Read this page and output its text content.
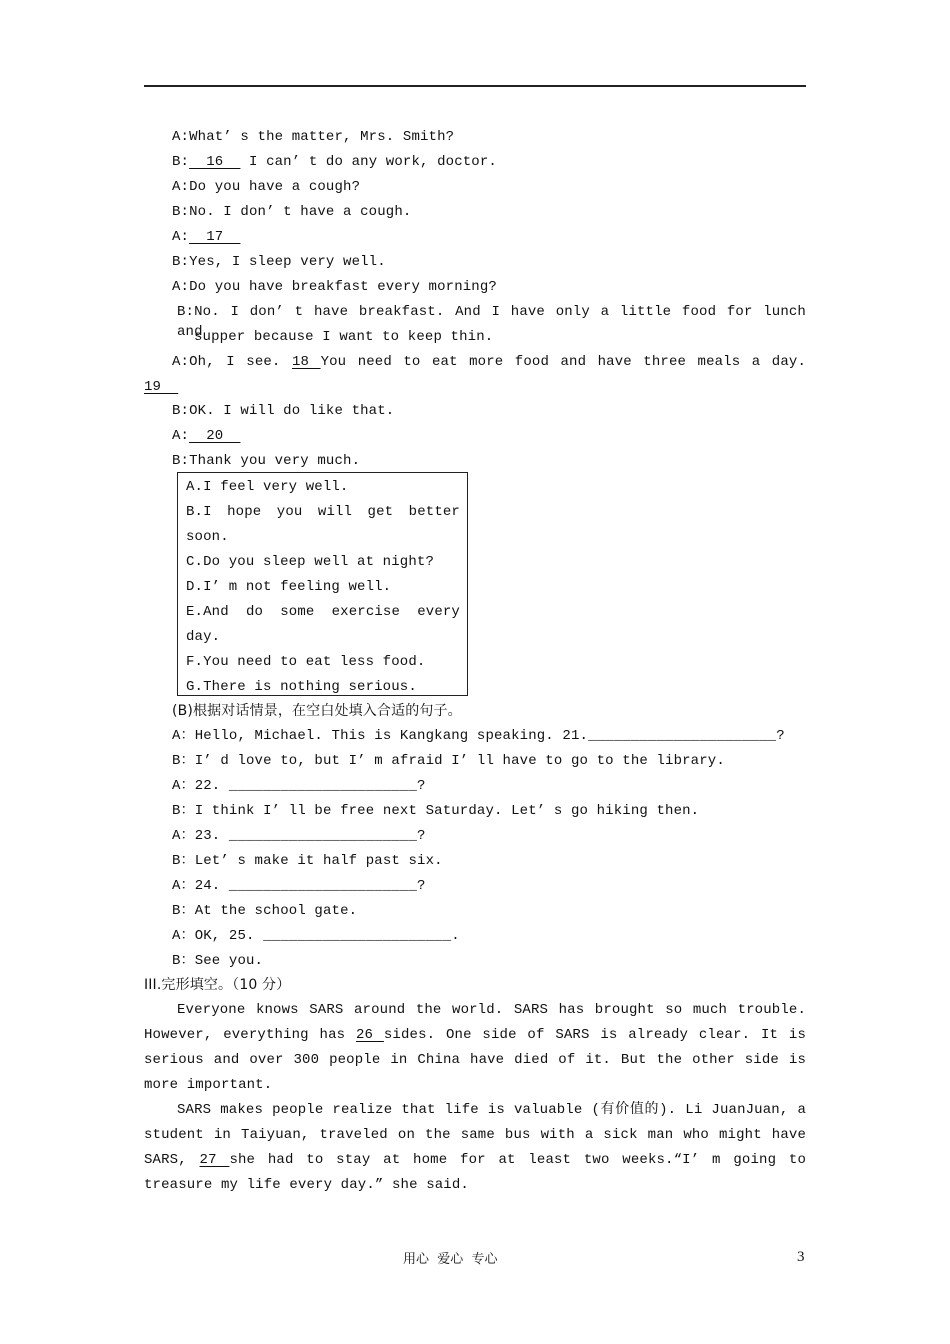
A:What’ s the matter, Mrs. Smith?
B:  16   I can’ t do any work, doctor.
A:Do you have a cough?
B:No. I don’ t have a cough.
A:  17
B:Yes, I sleep very well.
A:Do you have breakfast every morning?
B:No. I don’ t have breakfast. And I have only a little food for lunch and
supper because I want to keep thin.
A:Oh, I see. 18 You need to eat more food and have three meals a day.
19
B:OK. I will do like that.
A:  20
B:Thank you very much.
A.I feel very well.
B.I hope you will get better
soon.
C.Do you sleep well at night?
D.I’ m not feeling well.
E.And do some exercise every
day.
F.You need to eat less food.
G.There is nothing serious.
(B)根据对话情景，在空白处填入合适的句子。
A：Hello, Michael. This is Kangkang speaking. 21.______________________?
B：I’ d love to, but I’ m afraid I’ ll have to go to the library.
A：22. ______________________?
B：I think I’ ll be free next Saturday. Let’ s go hiking then.
A：23. ______________________?
B：Let’ s make it half past six.
A：24. ______________________?
B：At the school gate.
A：OK, 25. ______________________.
B：See you.
III.完形填空。（10 分）
Everyone knows SARS around the world. SARS has brought so much trouble.
However, everything has 26 sides. One side of SARS is already clear. It is
serious and over 300 people in China have died of it. But the other side is
more important.
SARS makes people realize that life is valuable (有价值的). Li JuanJuan, a
student in Taiyuan, traveled on the same bus with a sick man who might have
SARS, 27 she had to stay at home for at least two weeks.“I’ m going to
treasure my life every day.” she said.
用心  爱心  专心	3
